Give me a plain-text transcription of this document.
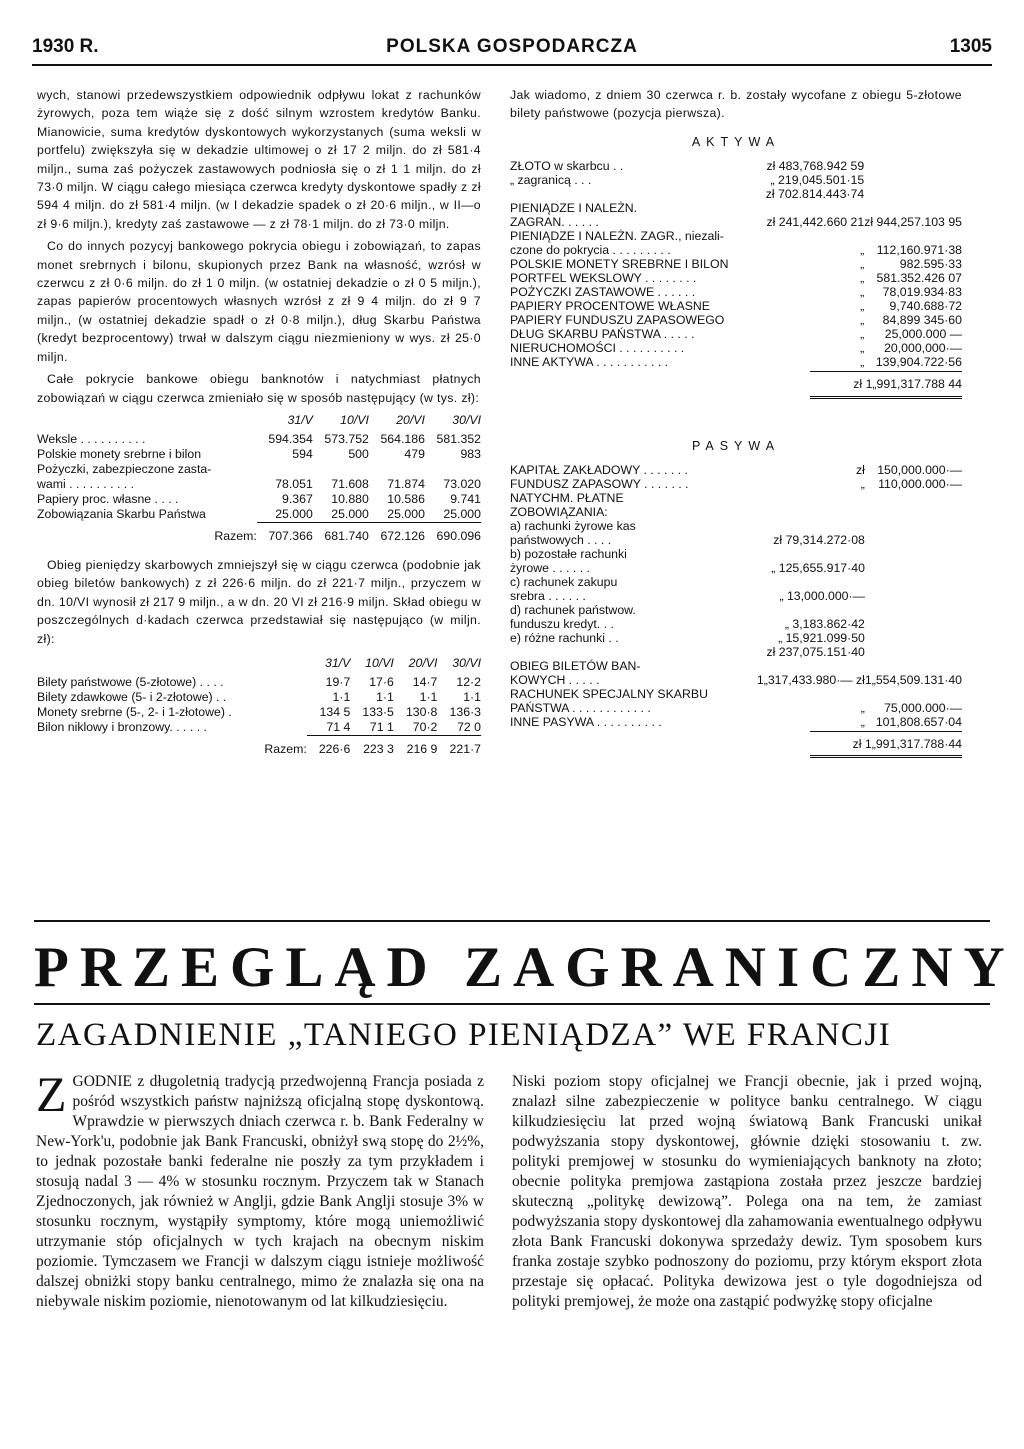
1930 R.	POLSKA GOSPODARCZA	1305

wych, stanowi przedewszystkiem odpowiednik odpływu lokat z rachunków żyrowych, poza tem wiąże się z dość silnym wzrostem kredytów Banku. Mianowicie, suma kredytów dyskontowych wykorzystanych (suma weksli w portfelu) zwiększyła się w dekadzie ultimowej o zł 17 2 miljn. do zł 581·4 miljn., suma zaś pożyczek zastawowych podniosła się o zł 1 1 miljn. do zł 73·0 miljn. W ciągu całego miesiąca czerwca kredyty dyskontowe spadły z zł 594 4 miljn. do zł 581·4 miljn. (w I dekadzie spadek o zł 20·6 miljn., w II—o zł 9·6 miljn.), kredyty zaś zastawowe — z zł 78·1 miljn. do zł 73·0 miljn.

Co do innych pozycyj bankowego pokrycia obiegu i zobowiązań, to zapas monet srebrnych i bilonu, skupionych przez Bank na własność, wzrósł w czerwcu z zł 0·6 miljn. do zł 1 0 miljn. (w ostatniej dekadzie o zł 0 5 miljn.), zapas papierów procentowych własnych wzrósł z zł 9 4 miljn. do zł 9 7 miljn., (w ostatniej dekadzie spadł o zł 0·8 miljn.), dług Skarbu Państwa (kredyt bezprocentowy) trwał w dalszym ciągu niezmieniony w wys. zł 25·0 miljn.

Całe pokrycie bankowe obiegu banknotów i natychmiast płatnych zobowiązań w ciągu czerwca zmieniało się w sposób następujący (w tys. zł):

	31/V	10/VI	20/VI	30/VI
Weksle . . . . . . . . . .	594.354	573.752	564.186	581.352
Polskie monety srebrne i bilon	594	500	479	983
Pożyczki, zabezpieczone zasta-				
wami . . . . . . . . . .	78.051	71.608	71.874	73.020
Papiery proc. własne . . . .	9.367	10.880	10.586	9.741
Zobowiązania Skarbu Państwa	25.000	25.000	25.000	25.000
Razem:	707.366	681.740	672.126	690.096

Obieg pieniędzy skarbowych zmniejszył się w ciągu czerwca (podobnie jak obieg biletów bankowych) z zł 226·6 miljn. do zł 221·7 miljn., przyczem w dn. 10/VI wynosił zł 217 9 miljn., a w dn. 20 VI zł 216·9 miljn. Skład obiegu w poszczególnych d·kadach czerwca przedstawiał się następująco (w miljn. zł):

	31/V	10/VI	20/VI	30/VI
Bilety państwowe (5-złotowe) . . . .	19·7	17·6	14·7	12·2
Bilety zdawkowe (5- i 2-złotowe) . .	1·1	1·1	1·1	1·1
Monety srebrne (5-, 2- i 1-złotowe) .	134 5	133·5	130·8	136·3
Bilon niklowy i bronzowy. . . . . .	71 4	71 1	70·2	72 0
Razem:	226·6	223 3	216 9	221·7

Jak wiadomo, z dniem 30 czerwca r. b. zostały wycofane z obiegu 5-złotowe bilety państwowe (pozycja pierwsza).

AKTYWA
ZŁOTO w skarbcu . .	zł 483,768.942 59	
„ zagranicą . . .	„ 219,045.501·15	
	zł 702.814.443·74	
PIENIĄDZE I NALEŻN.		
ZAGRAN. . . . . .	zł 241,442.660 21	zł 944,257.103 95
PIENIĄDZE I NALEŻN. ZAGR., niezali-		
czone do pokrycia . . . . . . . . .	„	112,160.971·38
POLSKIE MONETY SREBRNE I BILON	„	982.595·33
PORTFEL WEKSLOWY . . . . . . . .	„	581.352.426 07
POŻYCZKI ZASTAWOWE . . . . . .	„	78,019.934·83
PAPIERY PROCENTOWE WŁASNE	„	9,740.688·72
PAPIERY FUNDUSZU ZAPASOWEGO	„	84,899 345·60
DŁUG SKARBU PAŃSTWA . . . . .	„	25,000.000 —
NIERUCHOMOŚCI . . . . . . . . . .	„	20,000,000·—
INNE AKTYWA . . . . . . . . . . .	„	139,904.722·56
zł 1„991,317.788 44
PASYWA
KAPITAŁ ZAKŁADOWY . . . . . . .	zł	150,000.000·—
FUNDUSZ ZAPASOWY . . . . . . .	„	110,000.000·—
NATYCHM. PŁATNE		
ZOBOWIĄZANIA:		
a) rachunki żyrowe kas		
państwowych . . . .	zł 79,314.272·08	
b) pozostałe rachunki		
żyrowe . . . . . .	„ 125,655.917·40	
c) rachunek zakupu		
srebra . . . . . .	„ 13,000.000·—	
d) rachunek państwow.		
funduszu kredyt. . .	„ 3,183.862·42	
e) różne rachunki . .	„ 15,921.099·50	
	zł 237,075.151·40	
OBIEG BILETÓW BAN-		
KOWYCH . . . . .	1„317,433.980·— zł	1„554,509.131·40
RACHUNEK SPECJALNY SKARBU		
PAŃSTWA . . . . . . . . . . . .	„	75,000.000·—
INNE PASYWA . . . . . . . . . .	„	101,808.657·04
zł 1„991,317.788·44
PRZEGLĄD ZAGRANICZNY
ZAGADNIENIE „TANIEGO PIENIĄDZA” WE FRANCJI
ZGODNIE z długoletnią tradycją przedwojenną Francja posiada z pośród wszystkich państw najniższą oficjalną stopę dyskontową. Wprawdzie w pierwszych dniach czerwca r. b. Bank Federalny w New-York'u, podobnie jak Bank Francuski, obniżył swą stopę do 2½%, to jednak pozostałe banki federalne nie poszły za tym przykładem i stosują nadal 3 — 4% w stosunku rocznym. Przyczem tak w Stanach Zjednoczonych, jak również w Anglji, gdzie Bank Anglji stosuje 3% w stosunku rocznym, wystąpiły symptomy, które mogą uniemożliwić utrzymanie stóp oficjalnych w tych krajach na obecnym niskim poziomie. Tymczasem we Francji w dalszym ciągu istnieje możliwość dalszej obniżki stopy banku centralnego, mimo że znalazła się ona na niebywale niskim poziomie, nienotowanym od lat kilkudziesięciu.
Niski poziom stopy oficjalnej we Francji obecnie, jak i przed wojną, znalazł silne zabezpieczenie w polityce banku centralnego. W ciągu kilkudziesięciu lat przed wojną światową Bank Francuski unikał podwyższania stopy dyskontowej, głównie dzięki stosowaniu t. zw. polityki premjowej w stosunku do wymieniających banknoty na złoto; obecnie polityka premjowa zastąpiona została przez jeszcze bardziej skuteczną „politykę dewizową”. Polega ona na tem, że zamiast podwyższania stopy dyskontowej dla zahamowania ewentualnego odpływu złota Bank Francuski dokonywa sprzedaży dewiz. Tym sposobem kurs franka zostaje szybko podnoszony do poziomu, przy którym eksport złota przestaje się opłacać. Polityka dewizowa jest o tyle dogodniejsza od polityki premjowej, że może ona zastąpić podwyżkę stopy oficjalne
